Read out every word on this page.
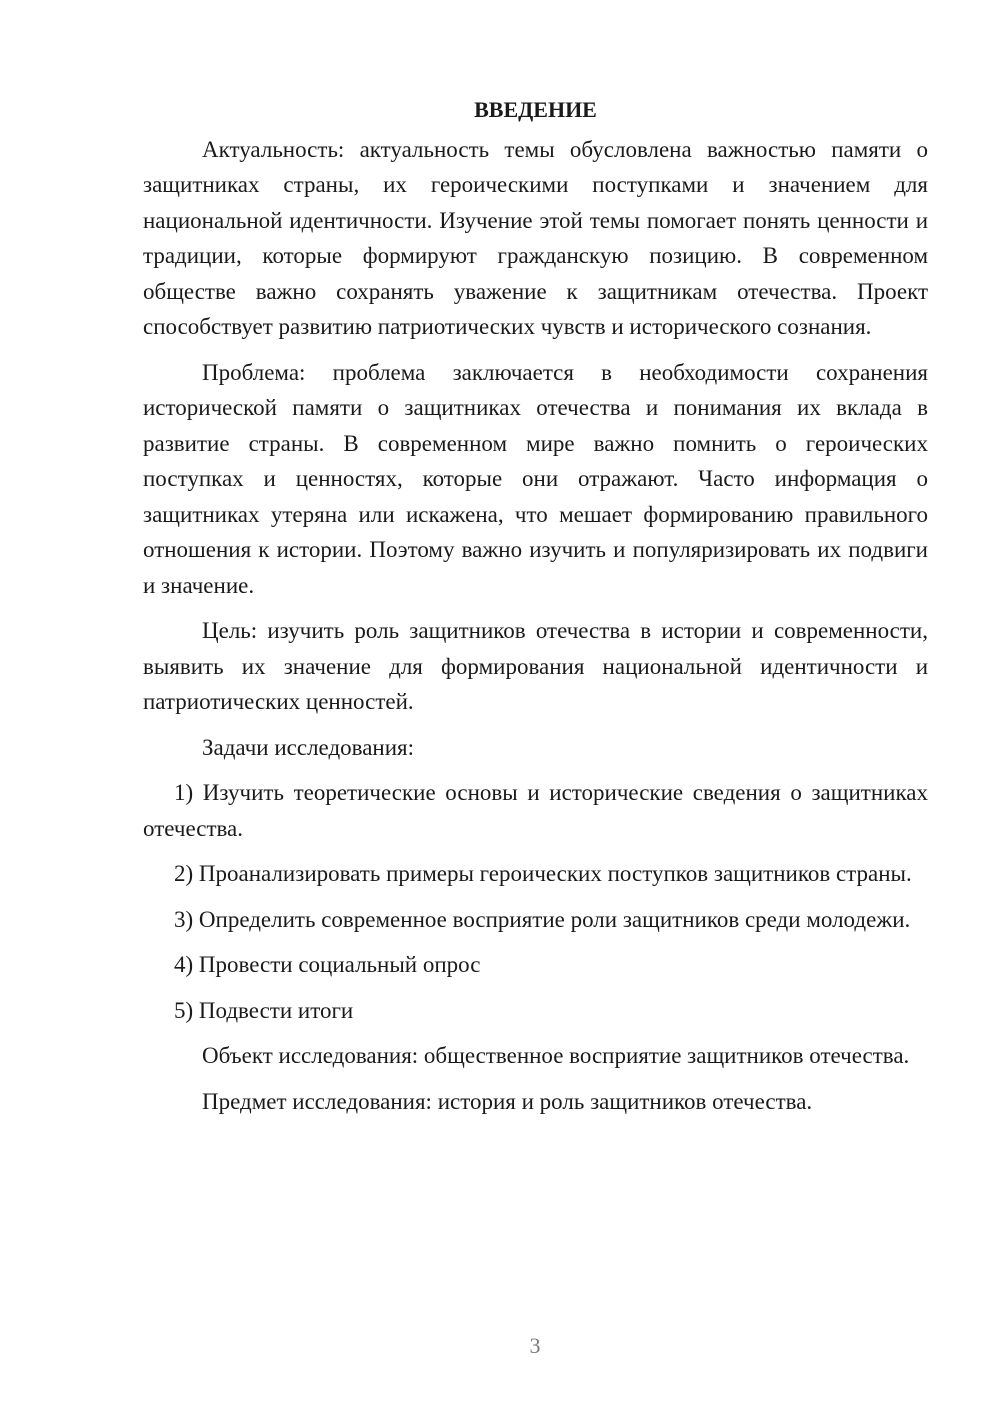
ВВЕДЕНИЕ

Актуальность: актуальность темы обусловлена важностью памяти о защитниках страны, их героическими поступками и значением для национальной идентичности. Изучение этой темы помогает понять ценности и традиции, которые формируют гражданскую позицию. В современном обществе важно сохранять уважение к защитникам отечества. Проект способствует развитию патриотических чувств и исторического сознания.

Проблема: проблема заключается в необходимости сохранения исторической памяти о защитниках отечества и понимания их вклада в развитие страны. В современном мире важно помнить о героических поступках и ценностях, которые они отражают. Часто информация о защитниках утеряна или искажена, что мешает формированию правильного отношения к истории. Поэтому важно изучить и популяризировать их подвиги и значение.

Цель: изучить роль защитников отечества в истории и современности, выявить их значение для формирования национальной идентичности и патриотических ценностей.

Задачи исследования:

1) Изучить теоретические основы и исторические сведения о защитниках отечества.

2) Проанализировать примеры героических поступков защитников страны.

3) Определить современное восприятие роли защитников среди молодежи.

4) Провести социальный опрос

5) Подвести итоги

Объект исследования: общественное восприятие защитников отечества.

Предмет исследования: история и роль защитников отечества.

3
